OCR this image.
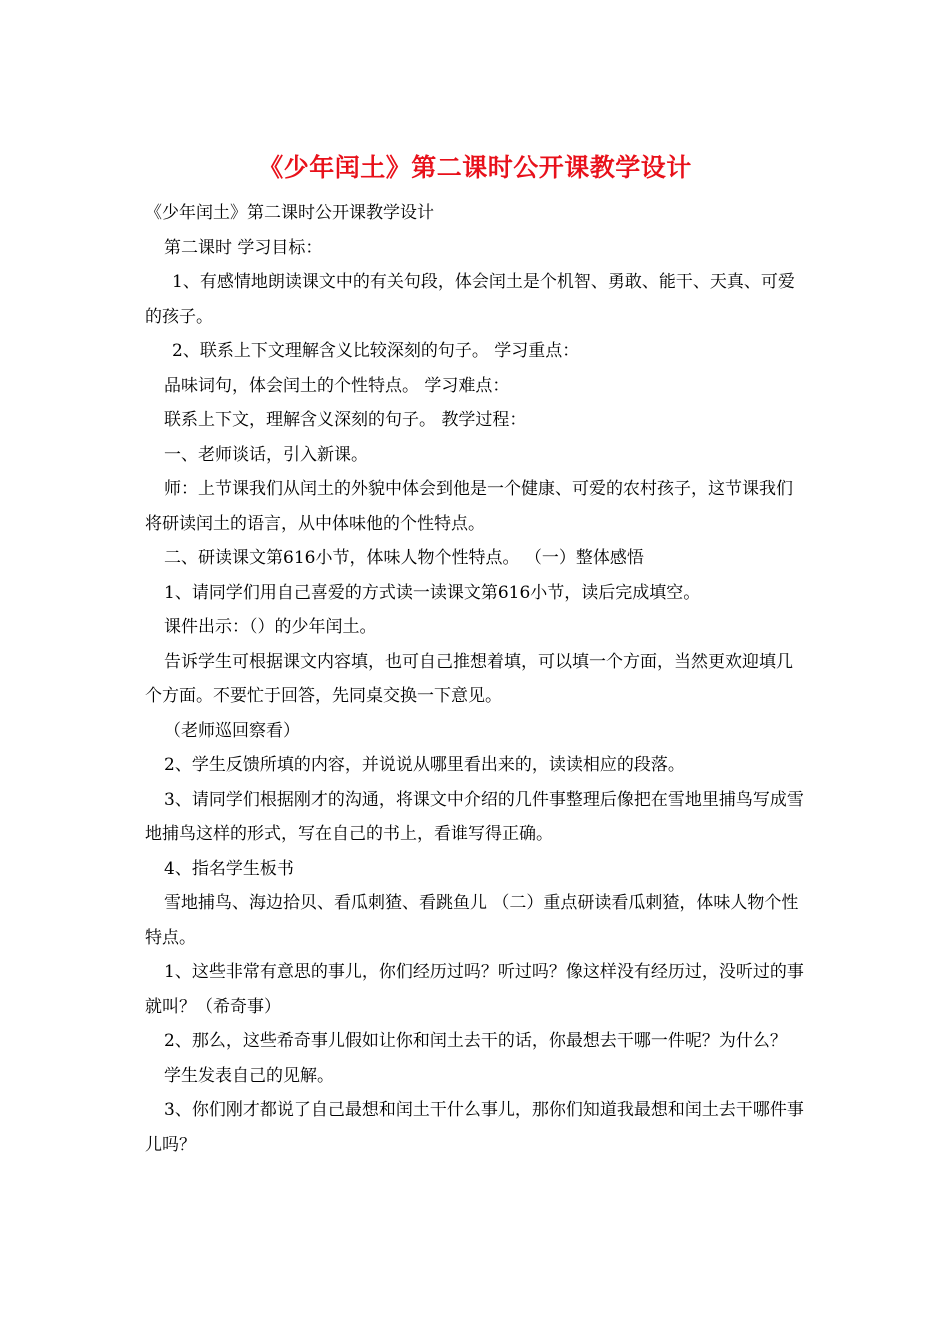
《少年闰土》第二课时公开课教学设计

《少年闰土》第二课时公开课教学设计

第二课时 学习目标：

1、有感情地朗读课文中的有关句段，体会闰土是个机智、勇敢、能干、天真、可爱的孩子。

2、联系上下文理解含义比较深刻的句子。 学习重点：

品味词句，体会闰土的个性特点。 学习难点：

联系上下文，理解含义深刻的句子。 教学过程：

一、老师谈话，引入新课。

师：上节课我们从闰土的外貌中体会到他是一个健康、可爱的农村孩子，这节课我们将研读闰土的语言，从中体味他的个性特点。

二、研读课文第616小节，体味人物个性特点。 （一）整体感悟

1、请同学们用自己喜爱的方式读一读课文第616小节，读后完成填空。

课件出示：（）的少年闰土。

告诉学生可根据课文内容填，也可自己推想着填，可以填一个方面，当然更欢迎填几个方面。不要忙于回答，先同桌交换一下意见。

（老师巡回察看）

2、学生反馈所填的内容，并说说从哪里看出来的，读读相应的段落。

3、请同学们根据刚才的沟通，将课文中介绍的几件事整理后像把在雪地里捕鸟写成雪地捕鸟这样的形式，写在自己的书上，看谁写得正确。

4、指名学生板书

雪地捕鸟、海边拾贝、看瓜刺猹、看跳鱼儿 （二）重点研读看瓜刺猹，体味人物个性特点。

1、这些非常有意思的事儿，你们经历过吗？听过吗？像这样没有经历过，没听过的事就叫？（希奇事）

2、那么，这些希奇事儿假如让你和闰土去干的话，你最想去干哪一件呢？为什么？

学生发表自己的见解。

3、你们刚才都说了自己最想和闰土干什么事儿，那你们知道我最想和闰土去干哪件事儿吗？
